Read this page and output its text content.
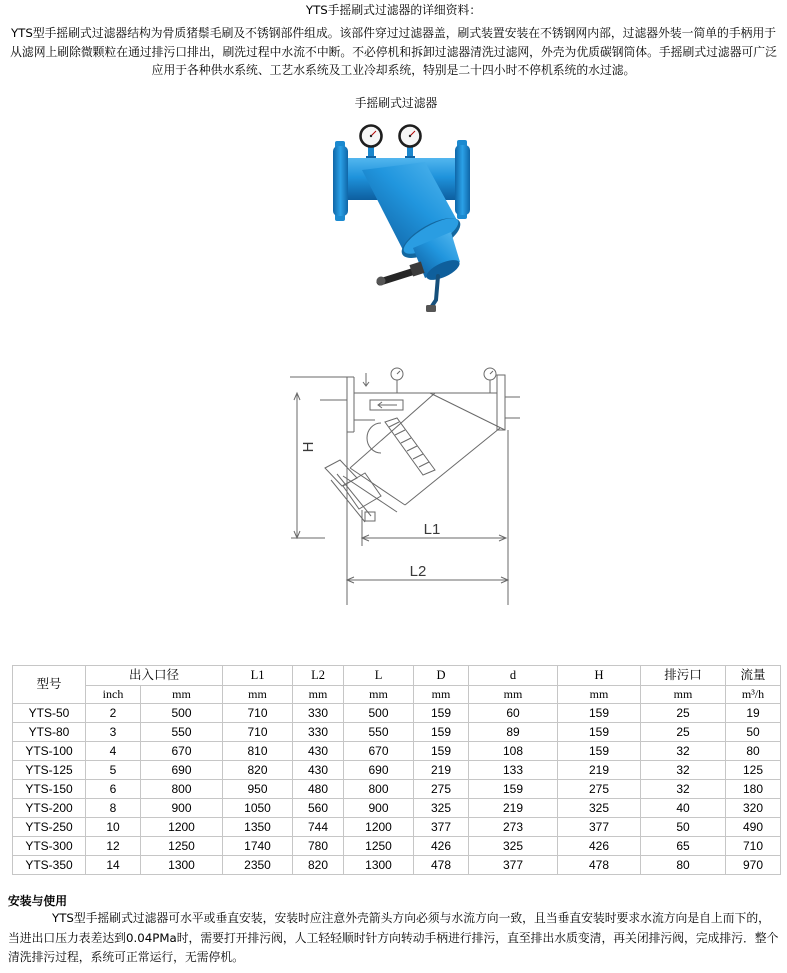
YTS手摇刷式过滤器的详细资料：
YTS型手摇刷式过滤器结构为骨质猪鬃毛刷及不锈钢部件组成。该部件穿过过滤器盖，刷式装置安装在不锈钢网内部，过滤器外装一简单的手柄用于
从滤网上刷除微颗粒在通过排污口排出，刷洗过程中水流不中断。不必停机和拆卸过滤器清洗过滤网，外壳为优质碳钢筒体。手摇刷式过滤器可广泛
应用于各种供水系统、工艺水系统及工业冷却系统，特别是二十四小时不停机系统的水过滤。
手摇刷式过滤器
H
L1
L2
型号	出入口径		L1	L2	L	D	d	H	排污口	流量
	inch	mm	mm	mm	mm	mm	mm	mm	mm	m³/h
YTS-50	2	500	710	330	500	159	60	159	25	19
YTS-80	3	550	710	330	550	159	89	159	25	50
YTS-100	4	670	810	430	670	159	108	159	32	80
YTS-125	5	690	820	430	690	219	133	219	32	125
YTS-150	6	800	950	480	800	275	159	275	32	180
YTS-200	8	900	1050	560	900	325	219	325	40	320
YTS-250	10	1200	1350	744	1200	377	273	377	50	490
YTS-300	12	1250	1740	780	1250	426	325	426	65	710
YTS-350	14	1300	2350	820	1300	478	377	478	80	970
安装与使用
YTS型手摇刷式过滤器可水平或垂直安装，安装时应注意外壳箭头方向必须与水流方向一致，且当垂直安装时要求水流方向是自上而下的，
当进出口压力表差达到0.04PMa时，需要打开排污阀，人工轻轻顺时针方向转动手柄进行排污，直至排出水质变清，再关闭排污阀，完成排污．整个
清洗排污过程，系统可正常运行，无需停机。
